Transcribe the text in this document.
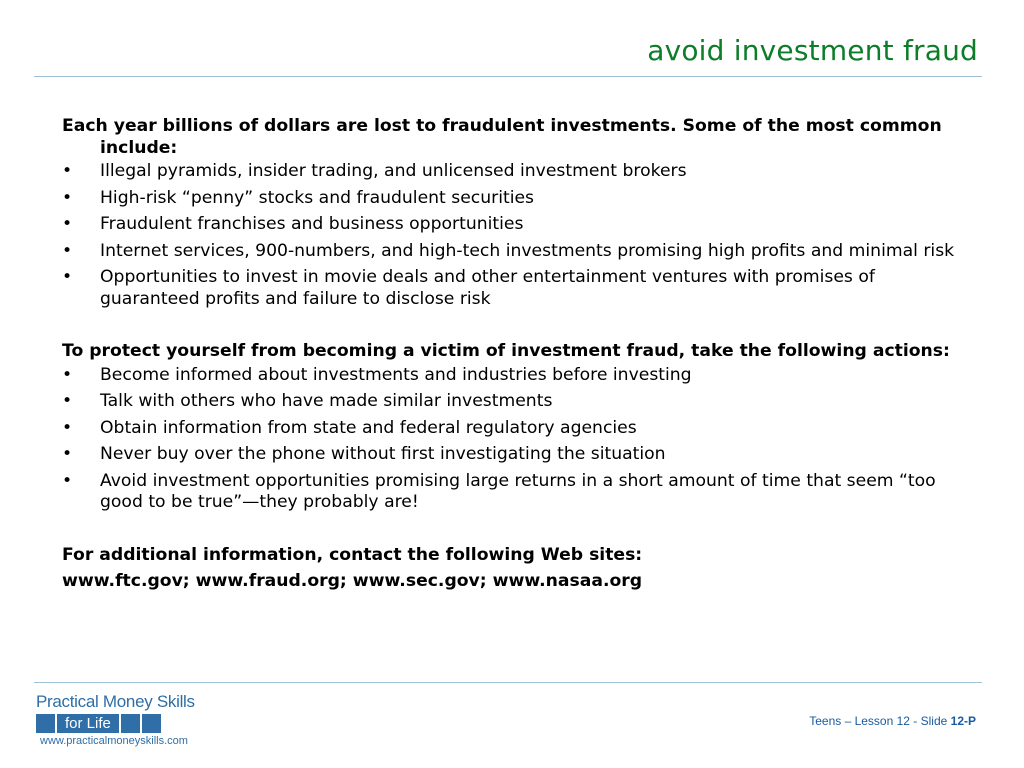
avoid investment fraud

Each year billions of dollars are lost to fraudulent investments. Some of the most common include:

• Illegal pyramids, insider trading, and unlicensed investment brokers
• High-risk “penny” stocks and fraudulent securities
• Fraudulent franchises and business opportunities
• Internet services, 900-numbers, and high-tech investments promising high profits and minimal risk
• Opportunities to invest in movie deals and other entertainment ventures with promises of guaranteed profits and failure to disclose risk

To protect yourself from becoming a victim of investment fraud, take the following actions:

• Become informed about investments and industries before investing
• Talk with others who have made similar investments
• Obtain information from state and federal regulatory agencies
• Never buy over the phone without first investigating the situation
• Avoid investment opportunities promising large returns in a short amount of time that seem “too good to be true”—they probably are!

For additional information, contact the following Web sites:

www.ftc.gov; www.fraud.org; www.sec.gov; www.nasaa.org

Practical Money Skills
for Life
www.practicalmoneyskills.com
Teens – Lesson 12 - Slide 12-P
